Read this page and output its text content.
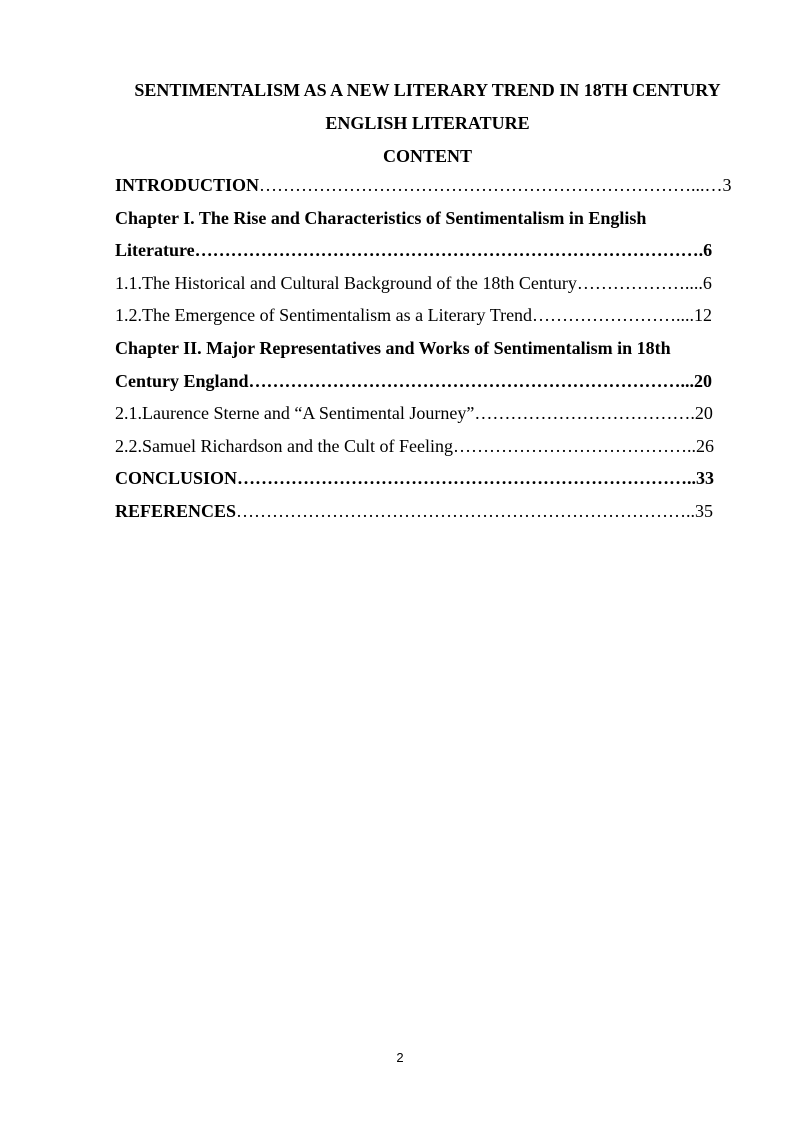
SENTIMENTALISM AS A NEW LITERARY TREND IN 18TH CENTURY
ENGLISH LITERATURE
CONTENT
INTRODUCTION………………………………………………………………...…3
Chapter I. The Rise and Characteristics of Sentimentalism in English
Literature………………………………………………………………………….6
1.1.The Historical and Cultural Background of the 18th Century………………....6
1.2.The Emergence of Sentimentalism as a Literary Trend……………………....12
Chapter II. Major Representatives and Works of Sentimentalism in 18th
Century England………………………………………………………………...20
2.1.Laurence Sterne and “A Sentimental Journey”……………………………….20
2.2.Samuel Richardson and the Cult of Feeling…………………………………..26
CONCLUSION…………………………………………………………………..33
REFERENCES…………………………………………………………………..35
2
